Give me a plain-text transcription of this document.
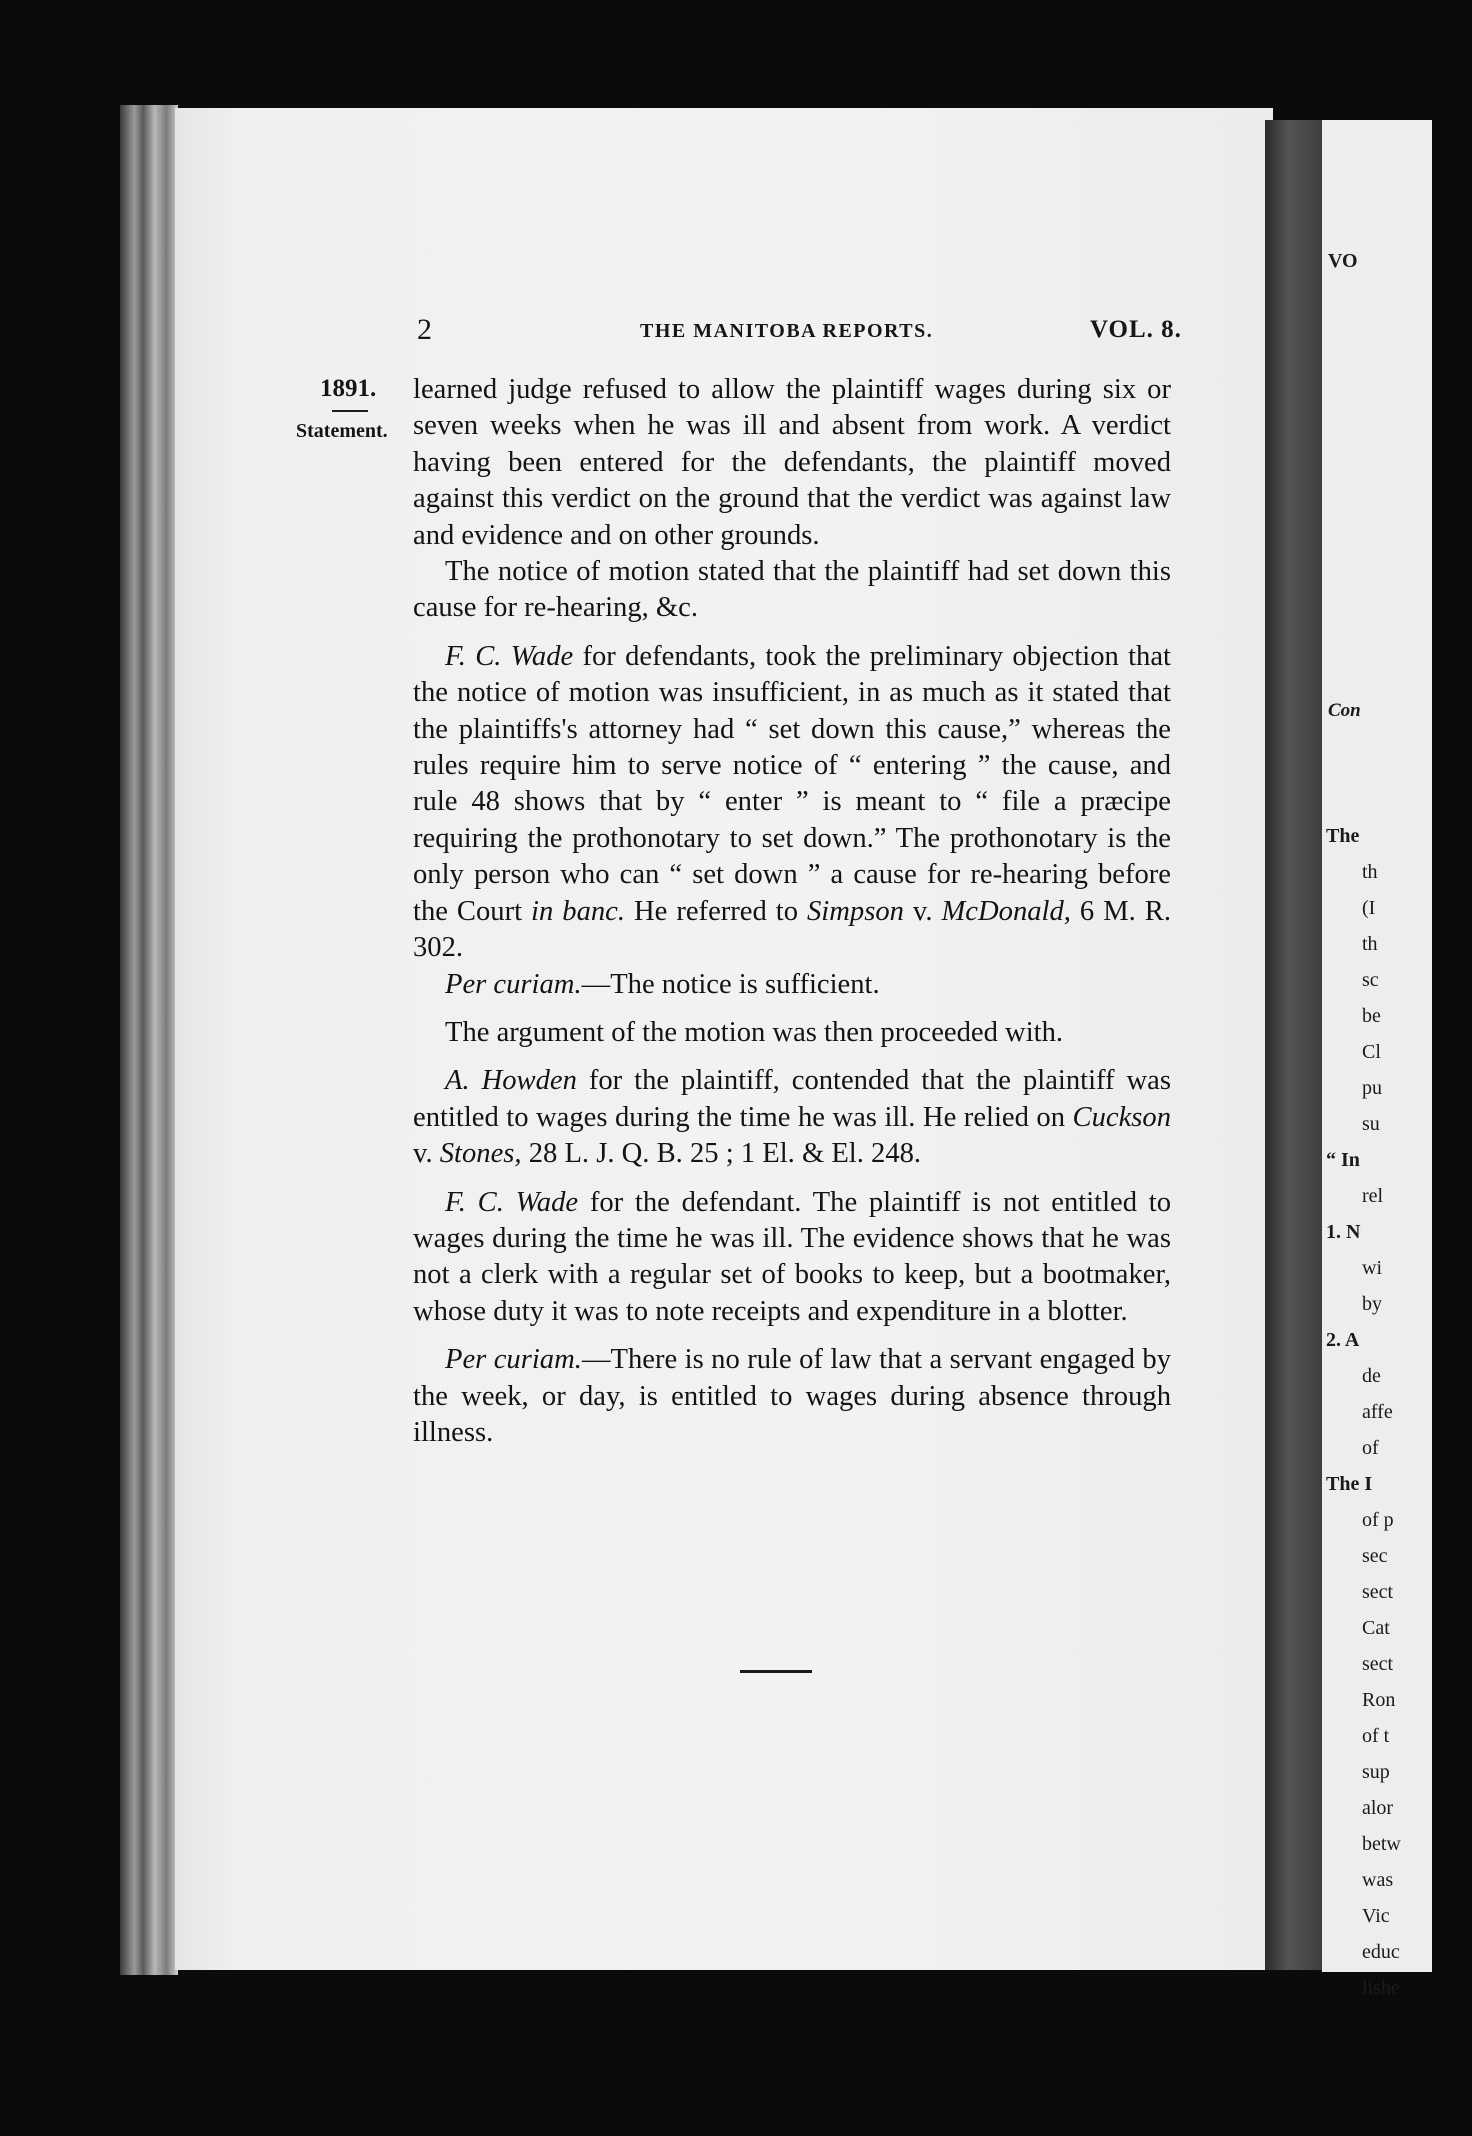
VO
Con
The
th
(I
th
sc
be
Cl
pu
su
“ In
rel
1. N
wi
by
2. A
de
affe
of
The I
of p
sec
sect
Cat
sect
Ron
of t
sup
alor
betw
was
Vic
educ
lishe
2	THE MANITOBA REPORTS.	VOL. 8.
1891.
Statement.

learned judge refused to allow the plaintiff wages during six or seven weeks when he was ill and absent from work. A verdict having been entered for the defendants, the plaintiff moved against this verdict on the ground that the verdict was against law and evidence and on other grounds.

The notice of motion stated that the plaintiff had set down this cause for re-hearing, &c.

F. C. Wade for defendants, took the preliminary objection that the notice of motion was insufficient, in as much as it stated that the plaintiffs's attorney had “ set down this cause,” whereas the rules require him to serve notice of “ entering ” the cause, and rule 48 shows that by “ enter ” is meant to “ file a præcipe requiring the prothonotary to set down.” The prothonotary is the only person who can “ set down ” a cause for re-hearing before the Court in banc. He referred to Simpson v. McDonald, 6 M. R. 302.

Per curiam.—The notice is sufficient.

The argument of the motion was then proceeded with.

A. Howden for the plaintiff, contended that the plaintiff was entitled to wages during the time he was ill. He relied on Cuckson v. Stones, 28 L. J. Q. B. 25 ; 1 El. & El. 248.

F. C. Wade for the defendant. The plaintiff is not entitled to wages during the time he was ill. The evidence shows that he was not a clerk with a regular set of books to keep, but a bootmaker, whose duty it was to note receipts and expenditure in a blotter.

Per curiam.—There is no rule of law that a servant engaged by the week, or day, is entitled to wages during absence through illness.
